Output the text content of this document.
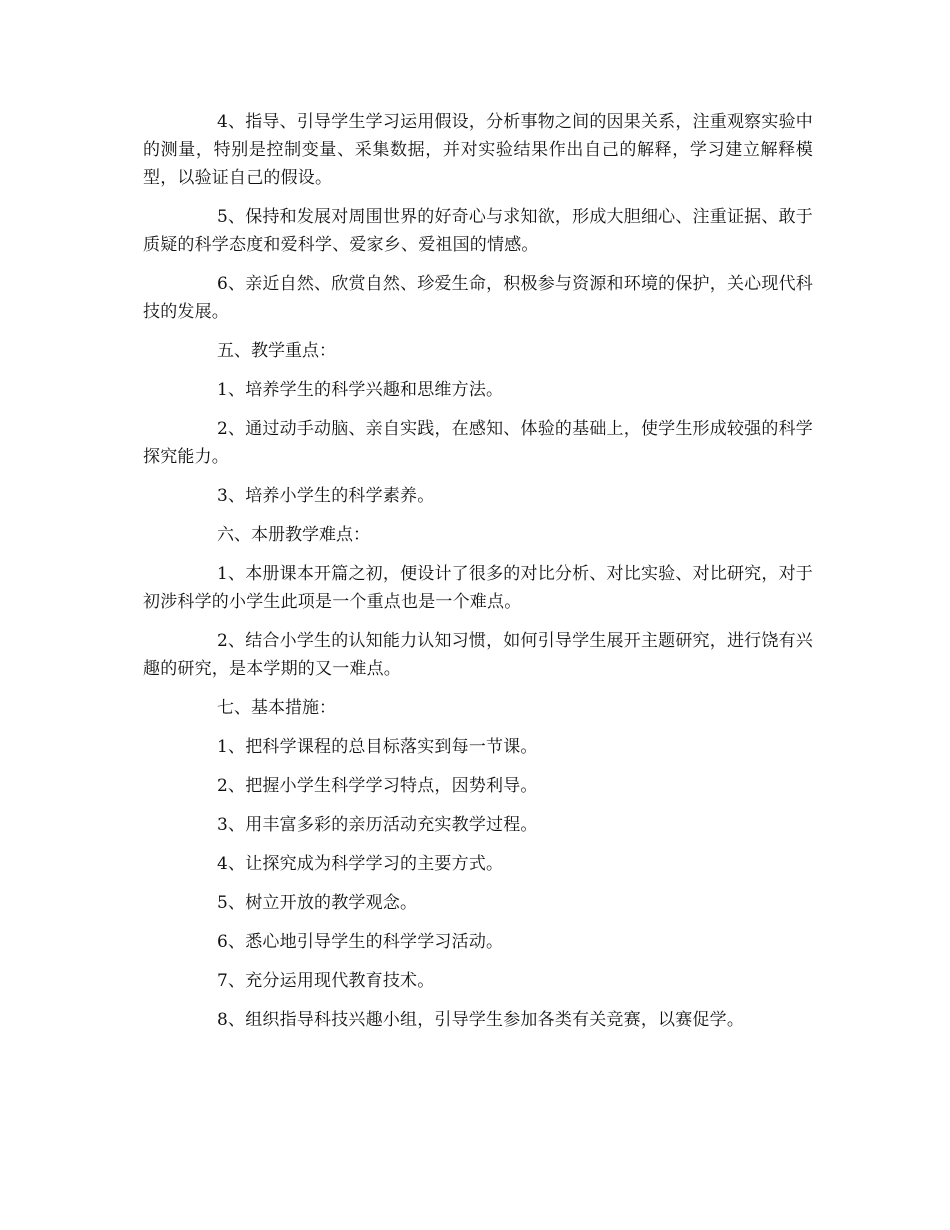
4、指导、引导学生学习运用假设，分析事物之间的因果关系，注重观察实验中的测量，特别是控制变量、采集数据，并对实验结果作出自己的解释，学习建立解释模型，以验证自己的假设。

5、保持和发展对周围世界的好奇心与求知欲，形成大胆细心、注重证据、敢于质疑的科学态度和爱科学、爱家乡、爱祖国的情感。

6、亲近自然、欣赏自然、珍爱生命，积极参与资源和环境的保护，关心现代科技的发展。

五、教学重点：

1、培养学生的科学兴趣和思维方法。

2、通过动手动脑、亲自实践，在感知、体验的基础上，使学生形成较强的科学探究能力。

3、培养小学生的科学素养。

六、本册教学难点：

1、本册课本开篇之初，便设计了很多的对比分析、对比实验、对比研究，对于初涉科学的小学生此项是一个重点也是一个难点。

2、结合小学生的认知能力认知习惯，如何引导学生展开主题研究，进行饶有兴趣的研究，是本学期的又一难点。

七、基本措施：

1、把科学课程的总目标落实到每一节课。

2、把握小学生科学学习特点，因势利导。

3、用丰富多彩的亲历活动充实教学过程。

4、让探究成为科学学习的主要方式。

5、树立开放的教学观念。

6、悉心地引导学生的科学学习活动。

7、充分运用现代教育技术。

8、组织指导科技兴趣小组，引导学生参加各类有关竞赛，以赛促学。
